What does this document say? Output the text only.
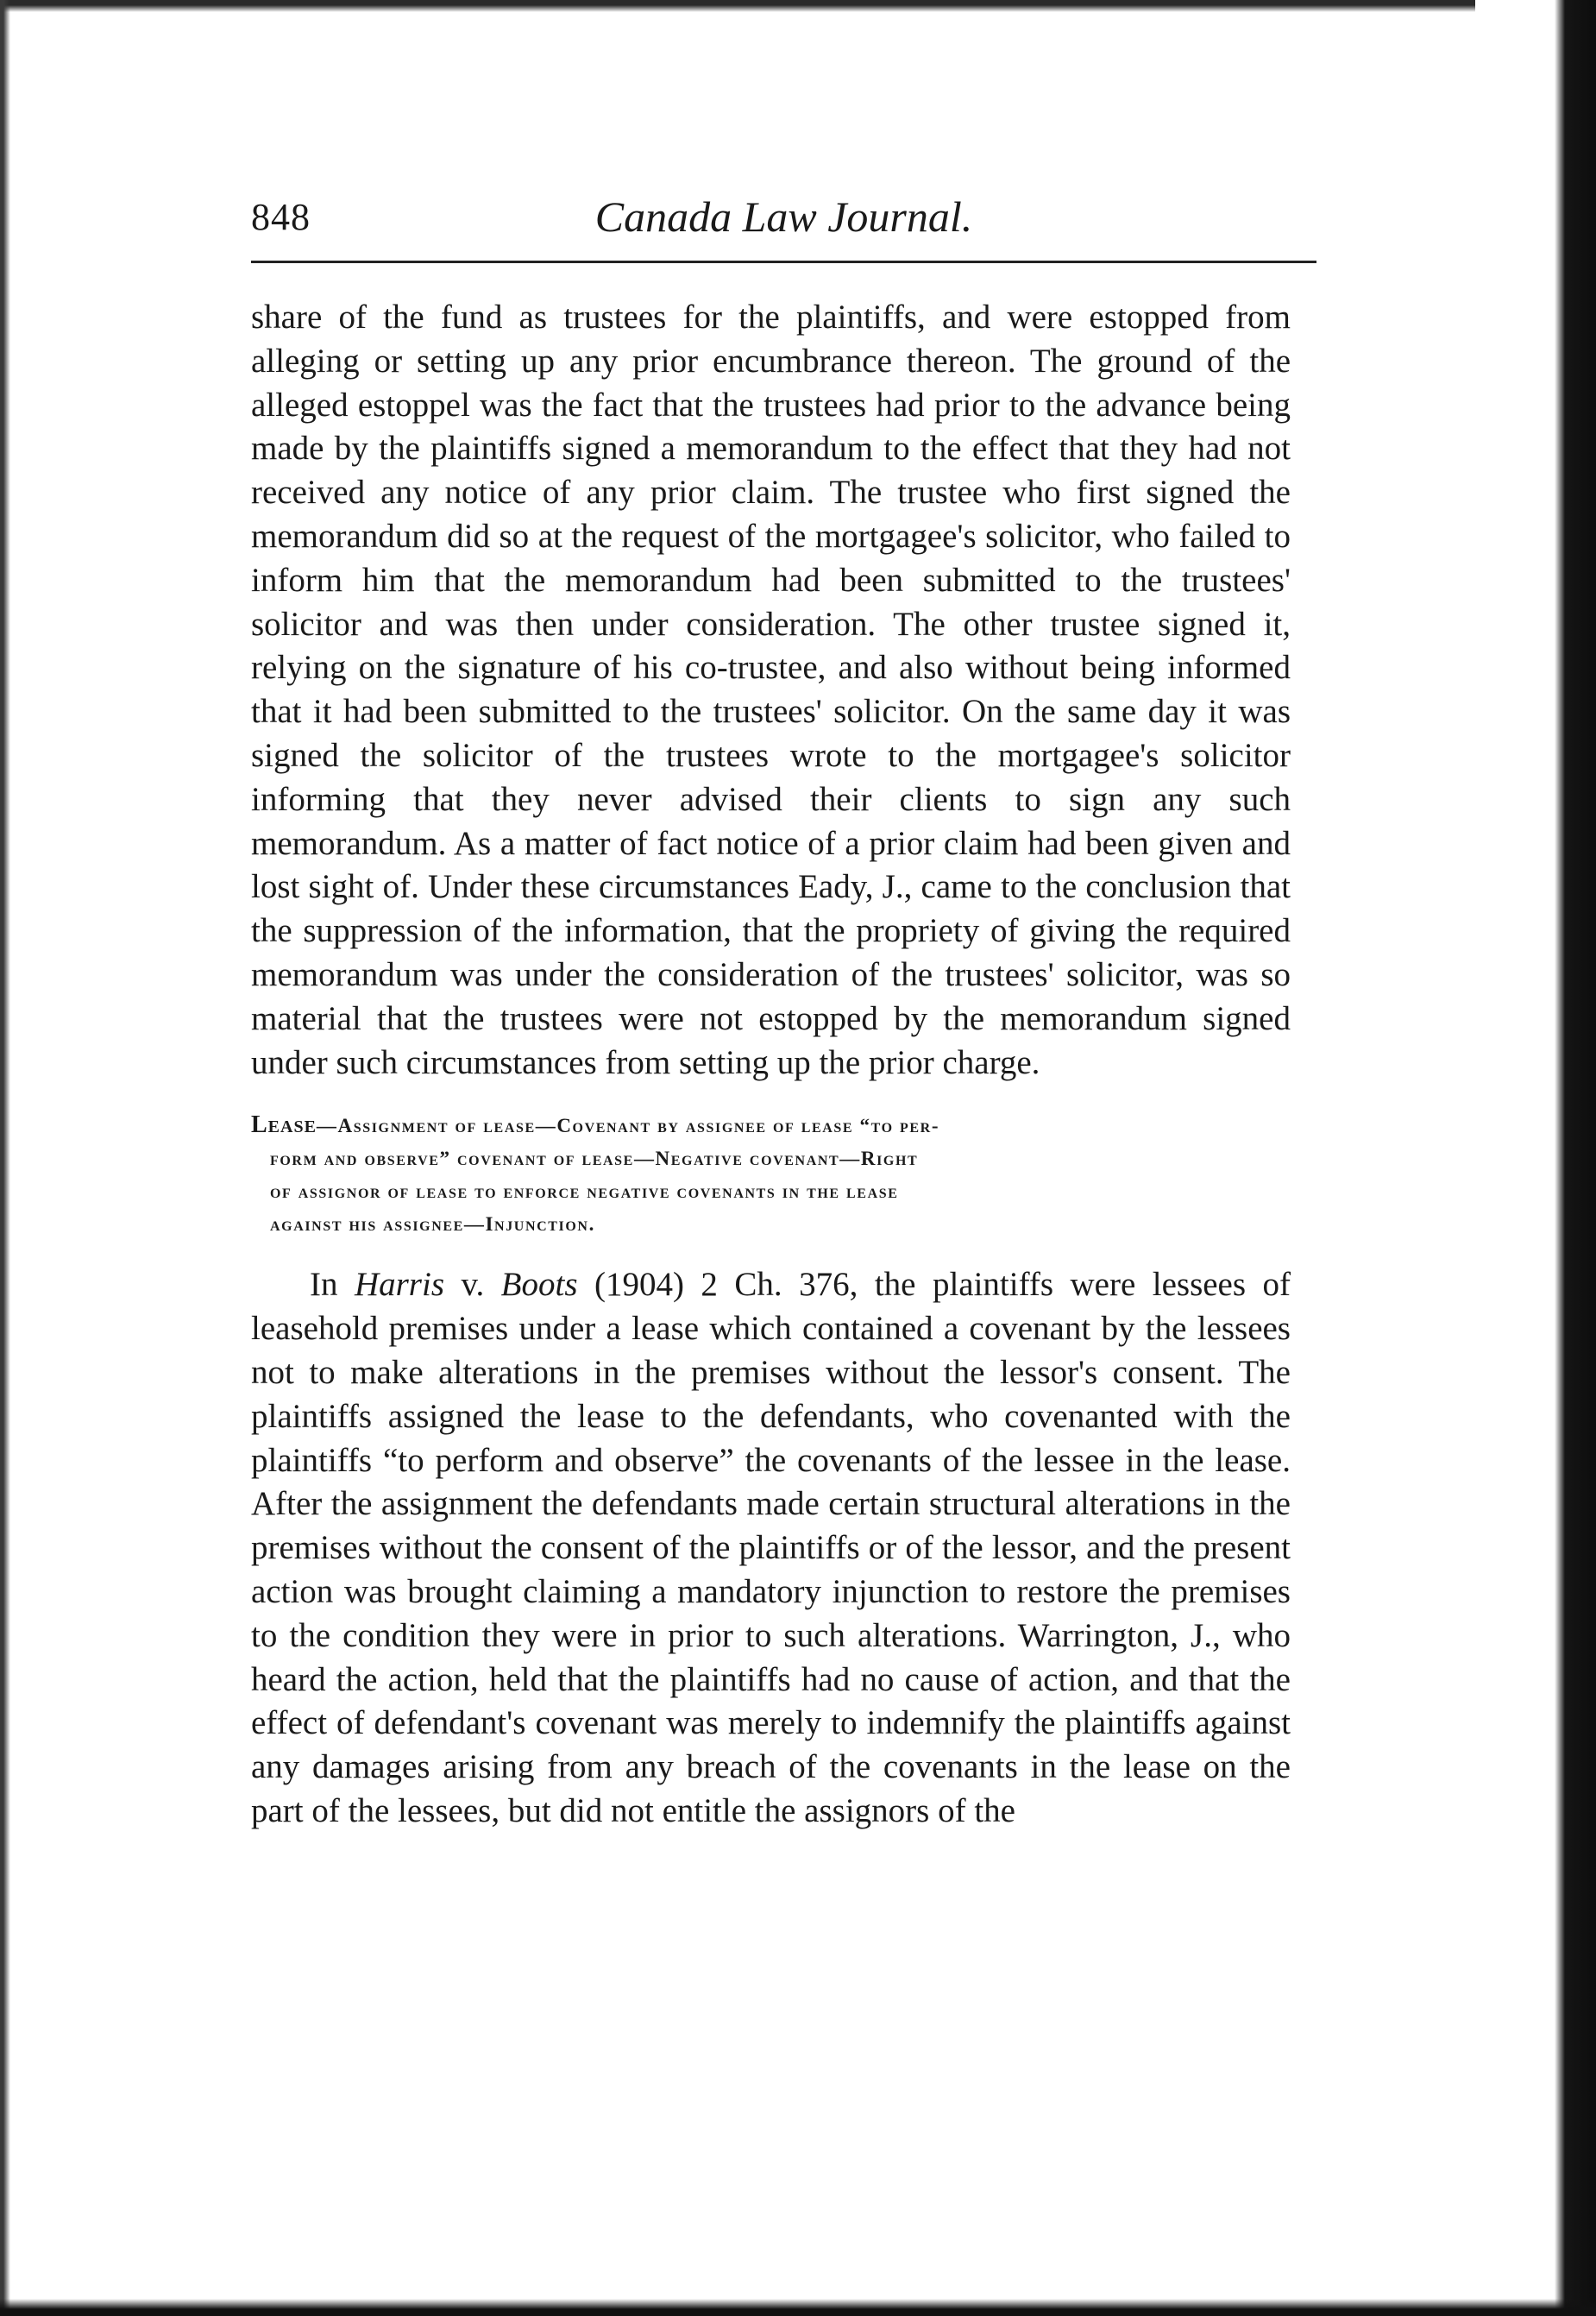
848	Canada Law Journal.

share of the fund as trustees for the plaintiffs, and were estopped from alleging or setting up any prior encumbrance thereon. The ground of the alleged estoppel was the fact that the trustees had prior to the advance being made by the plaintiffs signed a memorandum to the effect that they had not received any notice of any prior claim. The trustee who first signed the memorandum did so at the request of the mortgagee's solicitor, who failed to inform him that the memorandum had been submitted to the trustees' solicitor and was then under consideration. The other trustee signed it, relying on the signature of his co-trustee, and also without being informed that it had been submitted to the trustees' solicitor. On the same day it was signed the solicitor of the trustees wrote to the mortgagee's solicitor informing that they never advised their clients to sign any such memorandum. As a matter of fact notice of a prior claim had been given and lost sight of. Under these circumstances Eady, J., came to the conclusion that the suppression of the information, that the propriety of giving the required memorandum was under the consideration of the trustees' solicitor, was so material that the trustees were not estopped by the memorandum signed under such circumstances from setting up the prior charge.

Lease—Assignment of lease—Covenant by assignee of lease “to per-
form and observe” covenant of lease—Negative covenant—Right
of assignor of lease to enforce negative covenants in the lease
against his assignee—Injunction.

In Harris v. Boots (1904) 2 Ch. 376, the plaintiffs were lessees of leasehold premises under a lease which contained a covenant by the lessees not to make alterations in the premises without the lessor's consent. The plaintiffs assigned the lease to the defendants, who covenanted with the plaintiffs “to perform and observe” the covenants of the lessee in the lease. After the assignment the defendants made certain structural alterations in the premises without the consent of the plaintiffs or of the lessor, and the present action was brought claiming a mandatory injunction to restore the premises to the condition they were in prior to such alterations. Warrington, J., who heard the action, held that the plaintiffs had no cause of action, and that the effect of defendant's covenant was merely to indemnify the plaintiffs against any damages arising from any breach of the covenants in the lease on the part of the lessees, but did not entitle the assignors of the
